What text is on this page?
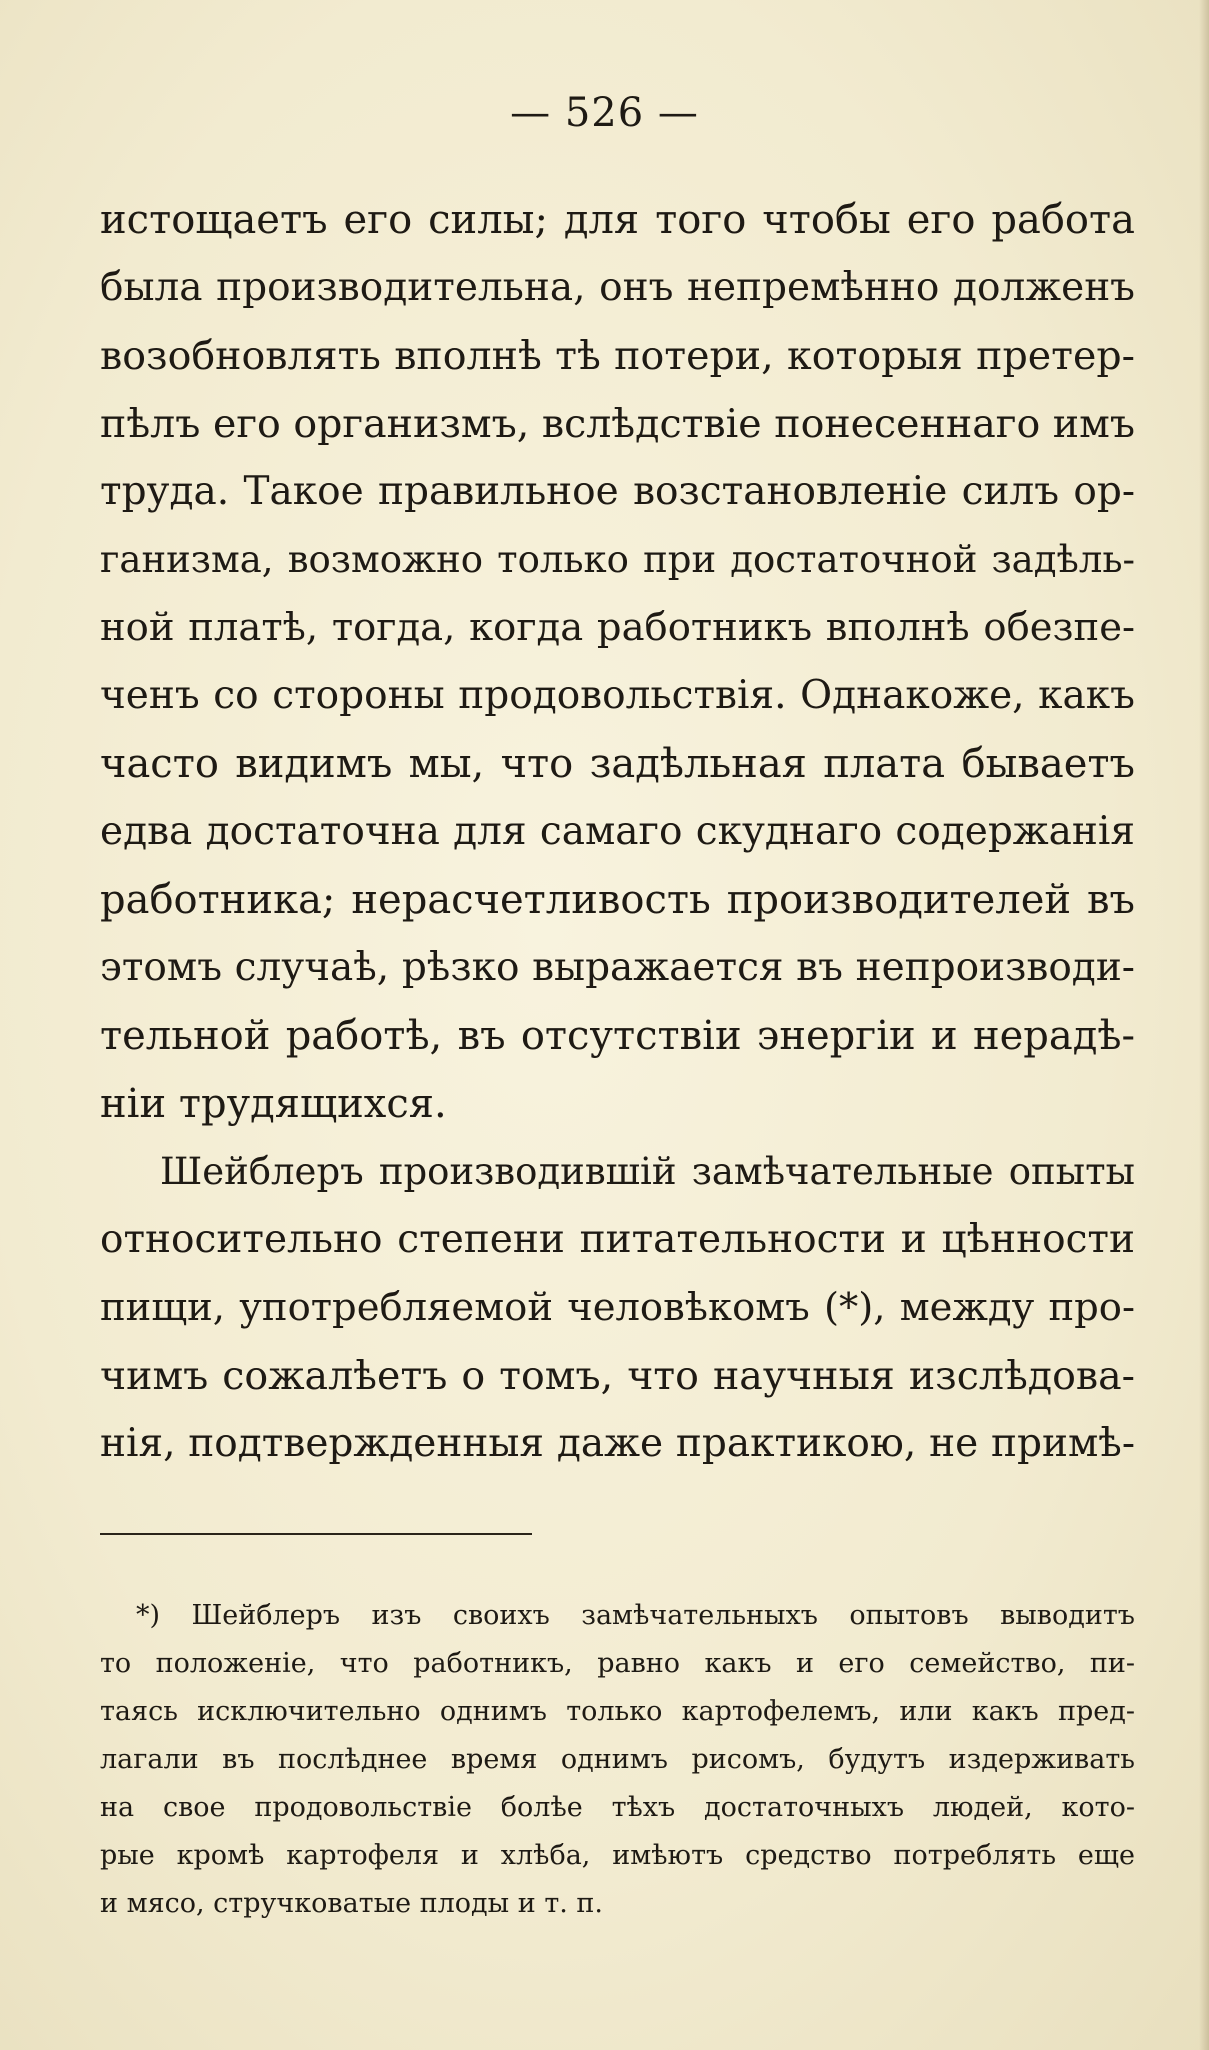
— 526 —
истощаетъ его силы; для того чтобы его работа
была производительна, онъ непремѣнно долженъ
возобновлять вполнѣ тѣ потери, которыя претер-
пѣлъ его организмъ, вслѣдствіе понесеннаго имъ
труда. Такое правильное возстановленіе силъ ор-
ганизма, возможно только при достаточной задѣль-
ной платѣ, тогда, когда работникъ вполнѣ обезпе-
ченъ со стороны продовольствія. Однакоже, какъ
часто видимъ мы, что задѣльная плата бываетъ
едва достаточна для самаго скуднаго содержанія
работника; нерасчетливость производителей въ
этомъ случаѣ, рѣзко выражается въ непроизводи-
тельной работѣ, въ отсутствіи энергіи и нерадѣ-
ніи трудящихся.
Шейблеръ производившій замѣчательные опыты
относительно степени питательности и цѣнности
пищи, употребляемой человѣкомъ (*), между про-
чимъ сожалѣетъ о томъ, что научныя изслѣдова-
нія, подтвержденныя даже практикою, не примѣ-
*) Шейблеръ изъ своихъ замѣчательныхъ опытовъ выводитъ
то положеніе, что работникъ, равно какъ и его семейство, пи-
таясь исключительно однимъ только картофелемъ, или какъ пред-
лагали въ послѣднее время однимъ рисомъ, будутъ издерживать
на свое продовольствіе болѣе тѣхъ достаточныхъ людей, кото-
рые кромѣ картофеля и хлѣба, имѣютъ средство потреблять еще
и мясо, стручковатые плоды и т. п.
